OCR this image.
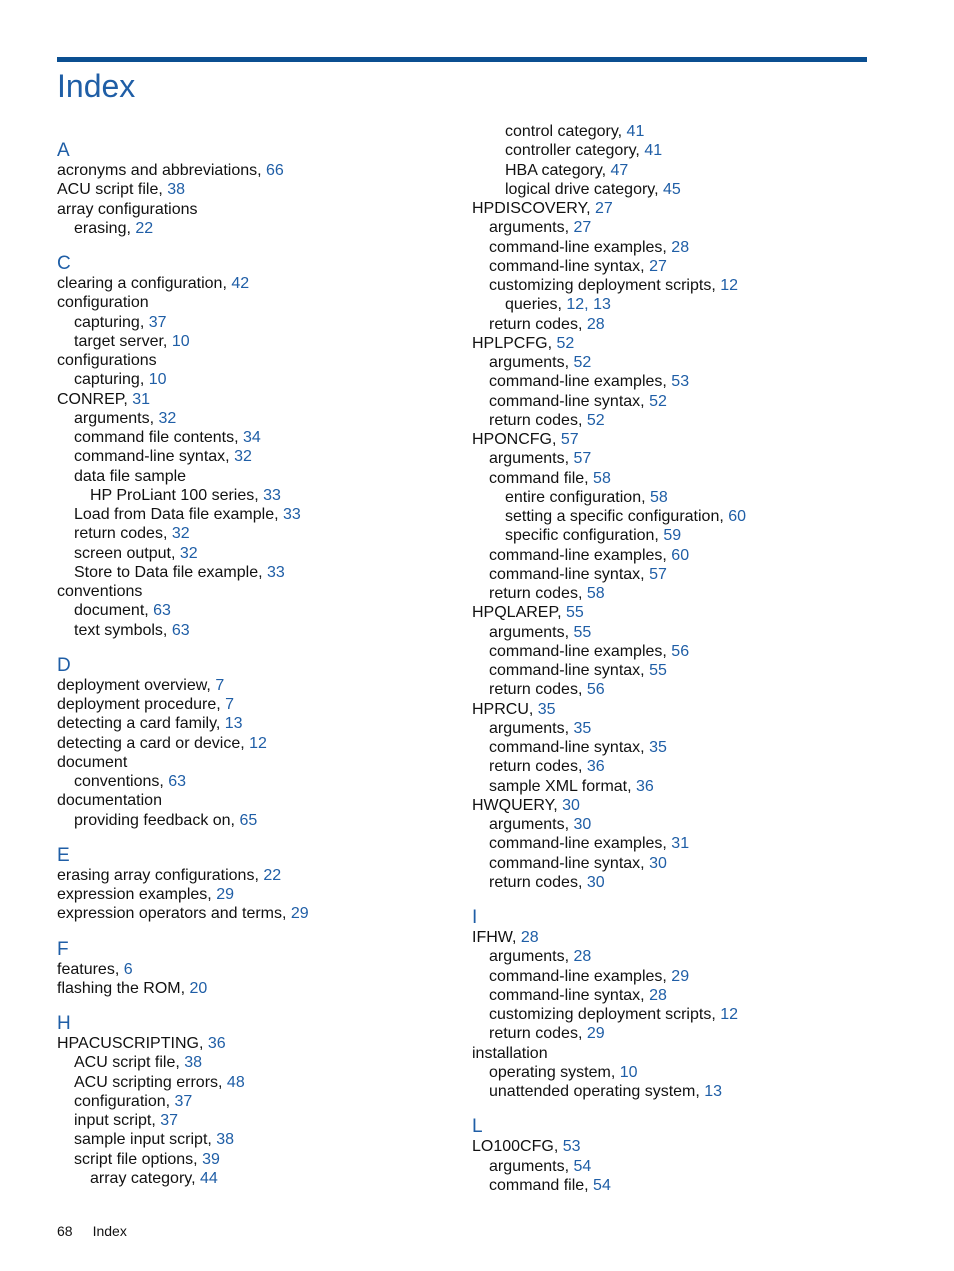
Index
A
acronyms and abbreviations, 66
ACU script file, 38
array configurations
erasing, 22
C
clearing a configuration, 42
configuration
capturing, 37
target server, 10
configurations
capturing, 10
CONREP, 31
arguments, 32
command file contents, 34
command-line syntax, 32
data file sample
HP ProLiant 100 series, 33
Load from Data file example, 33
return codes, 32
screen output, 32
Store to Data file example, 33
conventions
document, 63
text symbols, 63
D
deployment overview, 7
deployment procedure, 7
detecting a card family, 13
detecting a card or device, 12
document
conventions, 63
documentation
providing feedback on, 65
E
erasing array configurations, 22
expression examples, 29
expression operators and terms, 29
F
features, 6
flashing the ROM, 20
H
HPACUSCRIPTING, 36
ACU script file, 38
ACU scripting errors, 48
configuration, 37
input script, 37
sample input script, 38
script file options, 39
array category, 44
control category, 41
controller category, 41
HBA category, 47
logical drive category, 45
HPDISCOVERY, 27
arguments, 27
command-line examples, 28
command-line syntax, 27
customizing deployment scripts, 12
queries, 12, 13
return codes, 28
HPLPCFG, 52
arguments, 52
command-line examples, 53
command-line syntax, 52
return codes, 52
HPONCFG, 57
arguments, 57
command file, 58
entire configuration, 58
setting a specific configuration, 60
specific configuration, 59
command-line examples, 60
command-line syntax, 57
return codes, 58
HPQLAREP, 55
arguments, 55
command-line examples, 56
command-line syntax, 55
return codes, 56
HPRCU, 35
arguments, 35
command-line syntax, 35
return codes, 36
sample XML format, 36
HWQUERY, 30
arguments, 30
command-line examples, 31
command-line syntax, 30
return codes, 30
I
IFHW, 28
arguments, 28
command-line examples, 29
command-line syntax, 28
customizing deployment scripts, 12
return codes, 29
installation
operating system, 10
unattended operating system, 13
L
LO100CFG, 53
arguments, 54
command file, 54
68 Index
